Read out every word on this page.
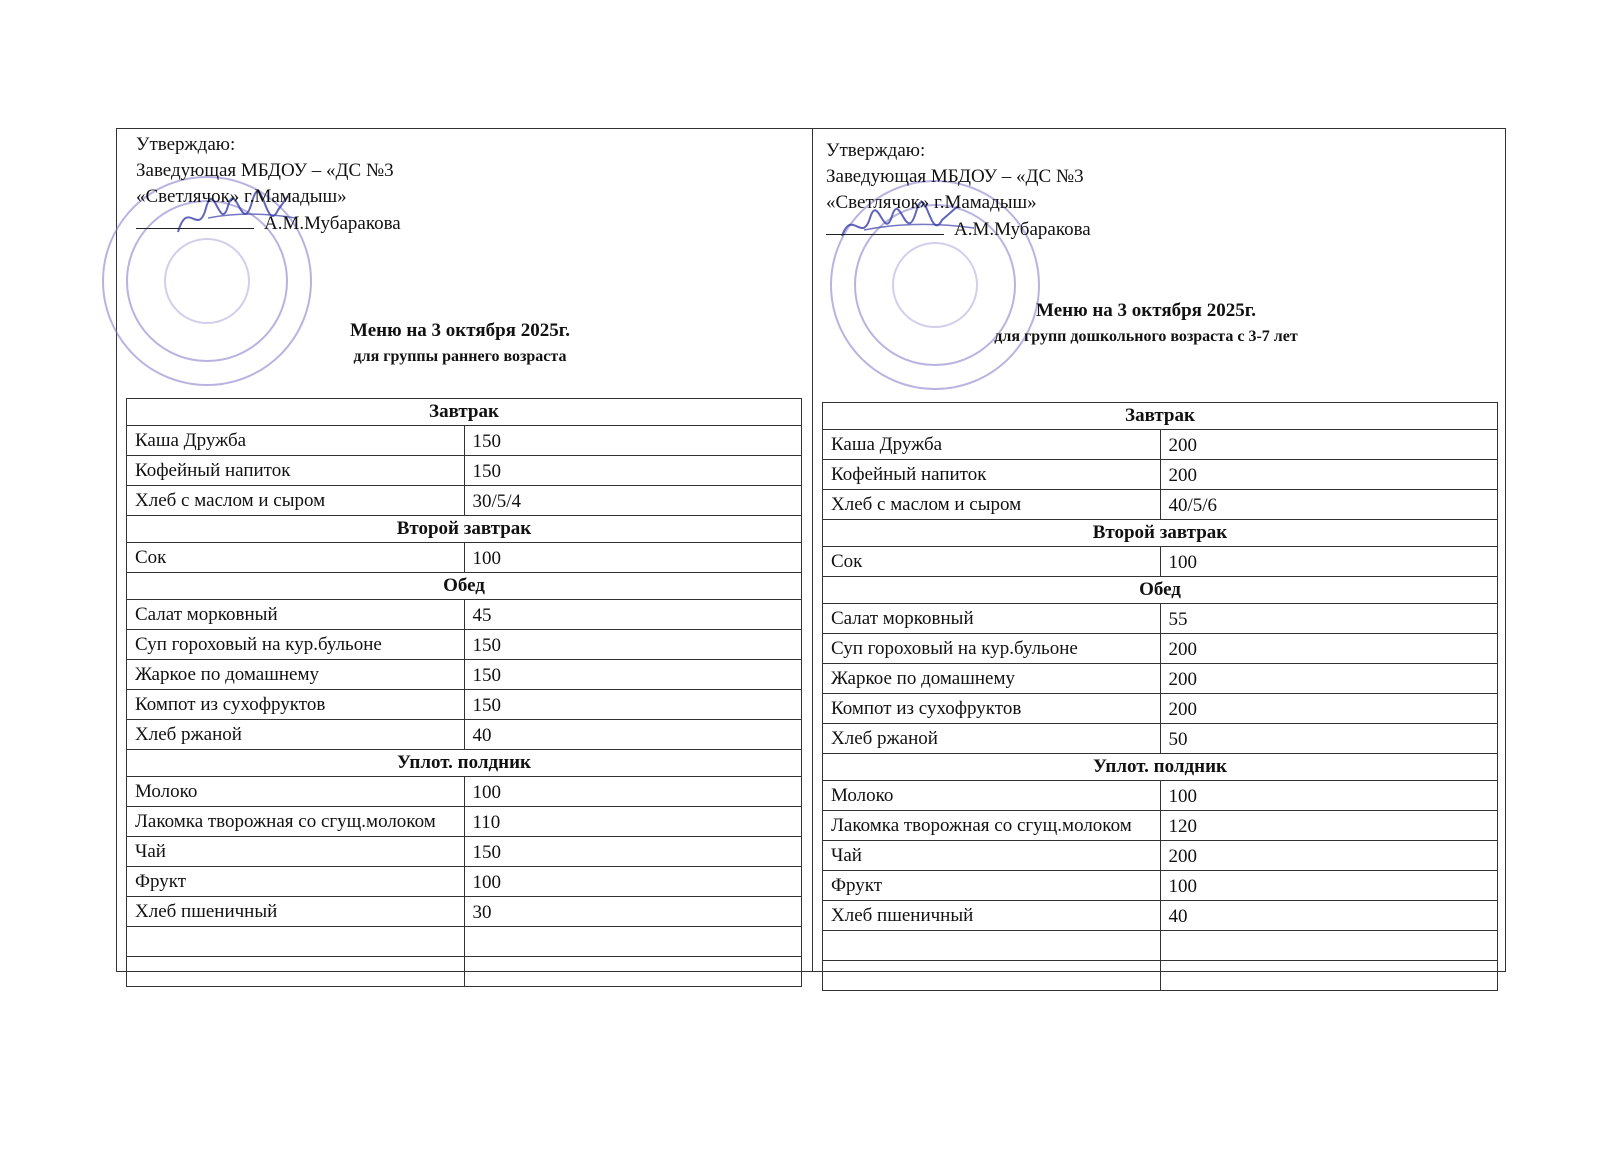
Утверждаю:
Заведующая МБДОУ – «ДС №3
«Светлячок» г.Мамадыш»
А.М.Мубаракова
Меню на 3 октября 2025г.
для группы раннего возраста
Завтрак	
Каша Дружба	150
Кофейный напиток	150
Хлеб с маслом и сыром	30/5/4
Второй завтрак	
Сок	100
Обед	
Салат морковный	45
Суп гороховый на кур.бульоне	150
Жаркое по домашнему	150
Компот из сухофруктов	150
Хлеб ржаной	40
Уплот. полдник	
Молоко	100
Лакомка творожная со сгущ.молоком	110
Чай	150
Фрукт	100
Хлеб пшеничный	30

Утверждаю:
Заведующая МБДОУ – «ДС №3
«Светлячок» г.Мамадыш»
А.М.Мубаракова
Меню на 3 октября 2025г.
для групп дошкольного возраста с 3-7 лет
Завтрак	
Каша Дружба	200
Кофейный напиток	200
Хлеб с маслом и сыром	40/5/6
Второй завтрак	
Сок	100
Обед	
Салат морковный	55
Суп гороховый на кур.бульоне	200
Жаркое по домашнему	200
Компот из сухофруктов	200
Хлеб ржаной	50
Уплот. полдник	
Молоко	100
Лакомка творожная со сгущ.молоком	120
Чай	200
Фрукт	100
Хлеб пшеничный	40
